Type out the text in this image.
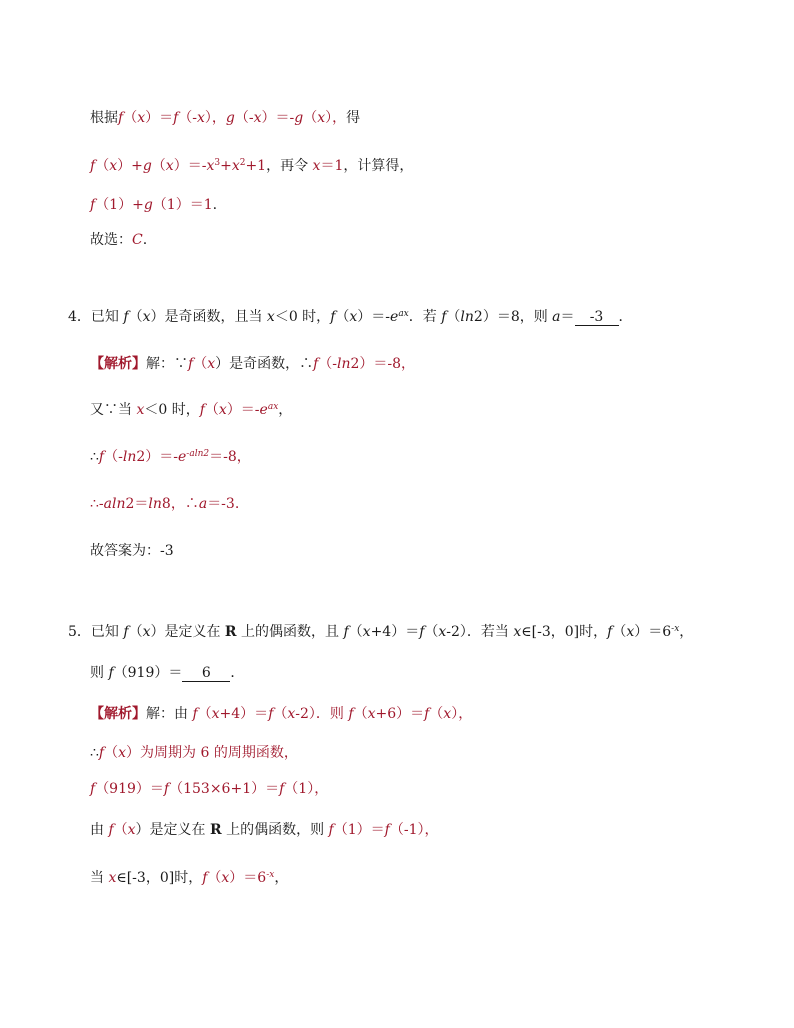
根据f（x）＝f（-x），g（-x）＝-g（x），得
$f(x)+g(x)=-x^3+x^2+1$，再令 x＝1，计算得，
f（1）+g（1）＝1.
故选：C.
4．已知 f（x）是奇函数，且当 x＜0 时，$f(x)=-e^{ax}$．若 f（ln2）＝8，则 a＝ -3 ．
【解析】解：∵f（x）是奇函数，∴f（-ln2）＝-8，
又∵当 x＜0 时，$f(x)=-e^{ax}$，
$\therefore f(-\ln 2)=-e^{-aln2}=-8$，
∴-aln2＝ln8，∴a＝-3.
故答案为：-3
5．已知 f（x）是定义在 R 上的偶函数，且 f（x+4）＝f（x-2）．若当 x∈[-3，0]时，$f(x)=6^{-x}$，
则 f（919）＝ 6 ．
【解析】解：由 f（x+4）＝f（x-2）．则 f（x+6）＝f（x），
∴f（x）为周期为 6 的周期函数，
f（919）＝f（153×6+1）＝f（1），
由 f（x）是定义在 R 上的偶函数，则 f（1）＝f（-1），
当 x∈[-3，0]时，$f(x)=6^{-x}$，
